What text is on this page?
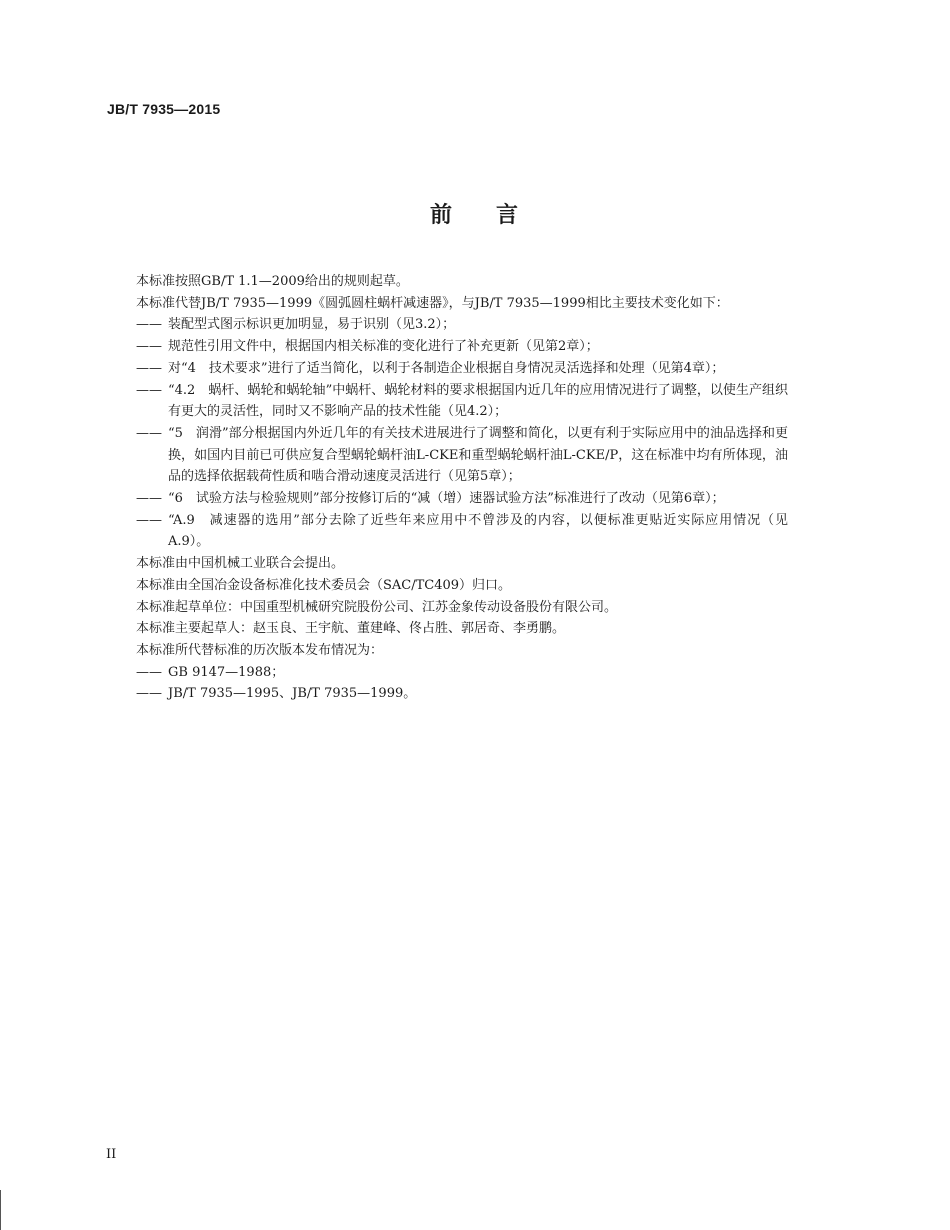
JB/T 7935—2015
前 言

本标准按照GB/T 1.1—2009给出的规则起草。

本标准代替JB/T 7935—1999《圆弧圆柱蜗杆减速器》，与JB/T 7935—1999相比主要技术变化如下：

—— 装配型式图示标识更加明显，易于识别（见3.2）；
—— 规范性引用文件中，根据国内相关标准的变化进行了补充更新（见第2章）；
—— 对“4　技术要求”进行了适当简化，以利于各制造企业根据自身情况灵活选择和处理（见第4章）；
—— “4.2　蜗杆、蜗轮和蜗轮轴”中蜗杆、蜗轮材料的要求根据国内近几年的应用情况进行了调整，以使生产组织有更大的灵活性，同时又不影响产品的技术性能（见4.2）；
—— “5　润滑”部分根据国内外近几年的有关技术进展进行了调整和简化，以更有利于实际应用中的油品选择和更换，如国内目前已可供应复合型蜗轮蜗杆油L-CKE和重型蜗轮蜗杆油L-CKE/P，这在标准中均有所体现，油品的选择依据载荷性质和啮合滑动速度灵活进行（见第5章）；
—— “6　试验方法与检验规则”部分按修订后的“减（增）速器试验方法”标准进行了改动（见第6章）；
—— “A.9　减速器的选用”部分去除了近些年来应用中不曾涉及的内容，以便标准更贴近实际应用情况（见A.9）。

本标准由中国机械工业联合会提出。

本标准由全国冶金设备标准化技术委员会（SAC/TC409）归口。

本标准起草单位：中国重型机械研究院股份公司、江苏金象传动设备股份有限公司。

本标准主要起草人：赵玉良、王宇航、董建峰、佟占胜、郭居奇、李勇鹏。

本标准所代替标准的历次版本发布情况为：

—— GB 9147—1988；
—— JB/T 7935—1995、JB/T 7935—1999。
II
